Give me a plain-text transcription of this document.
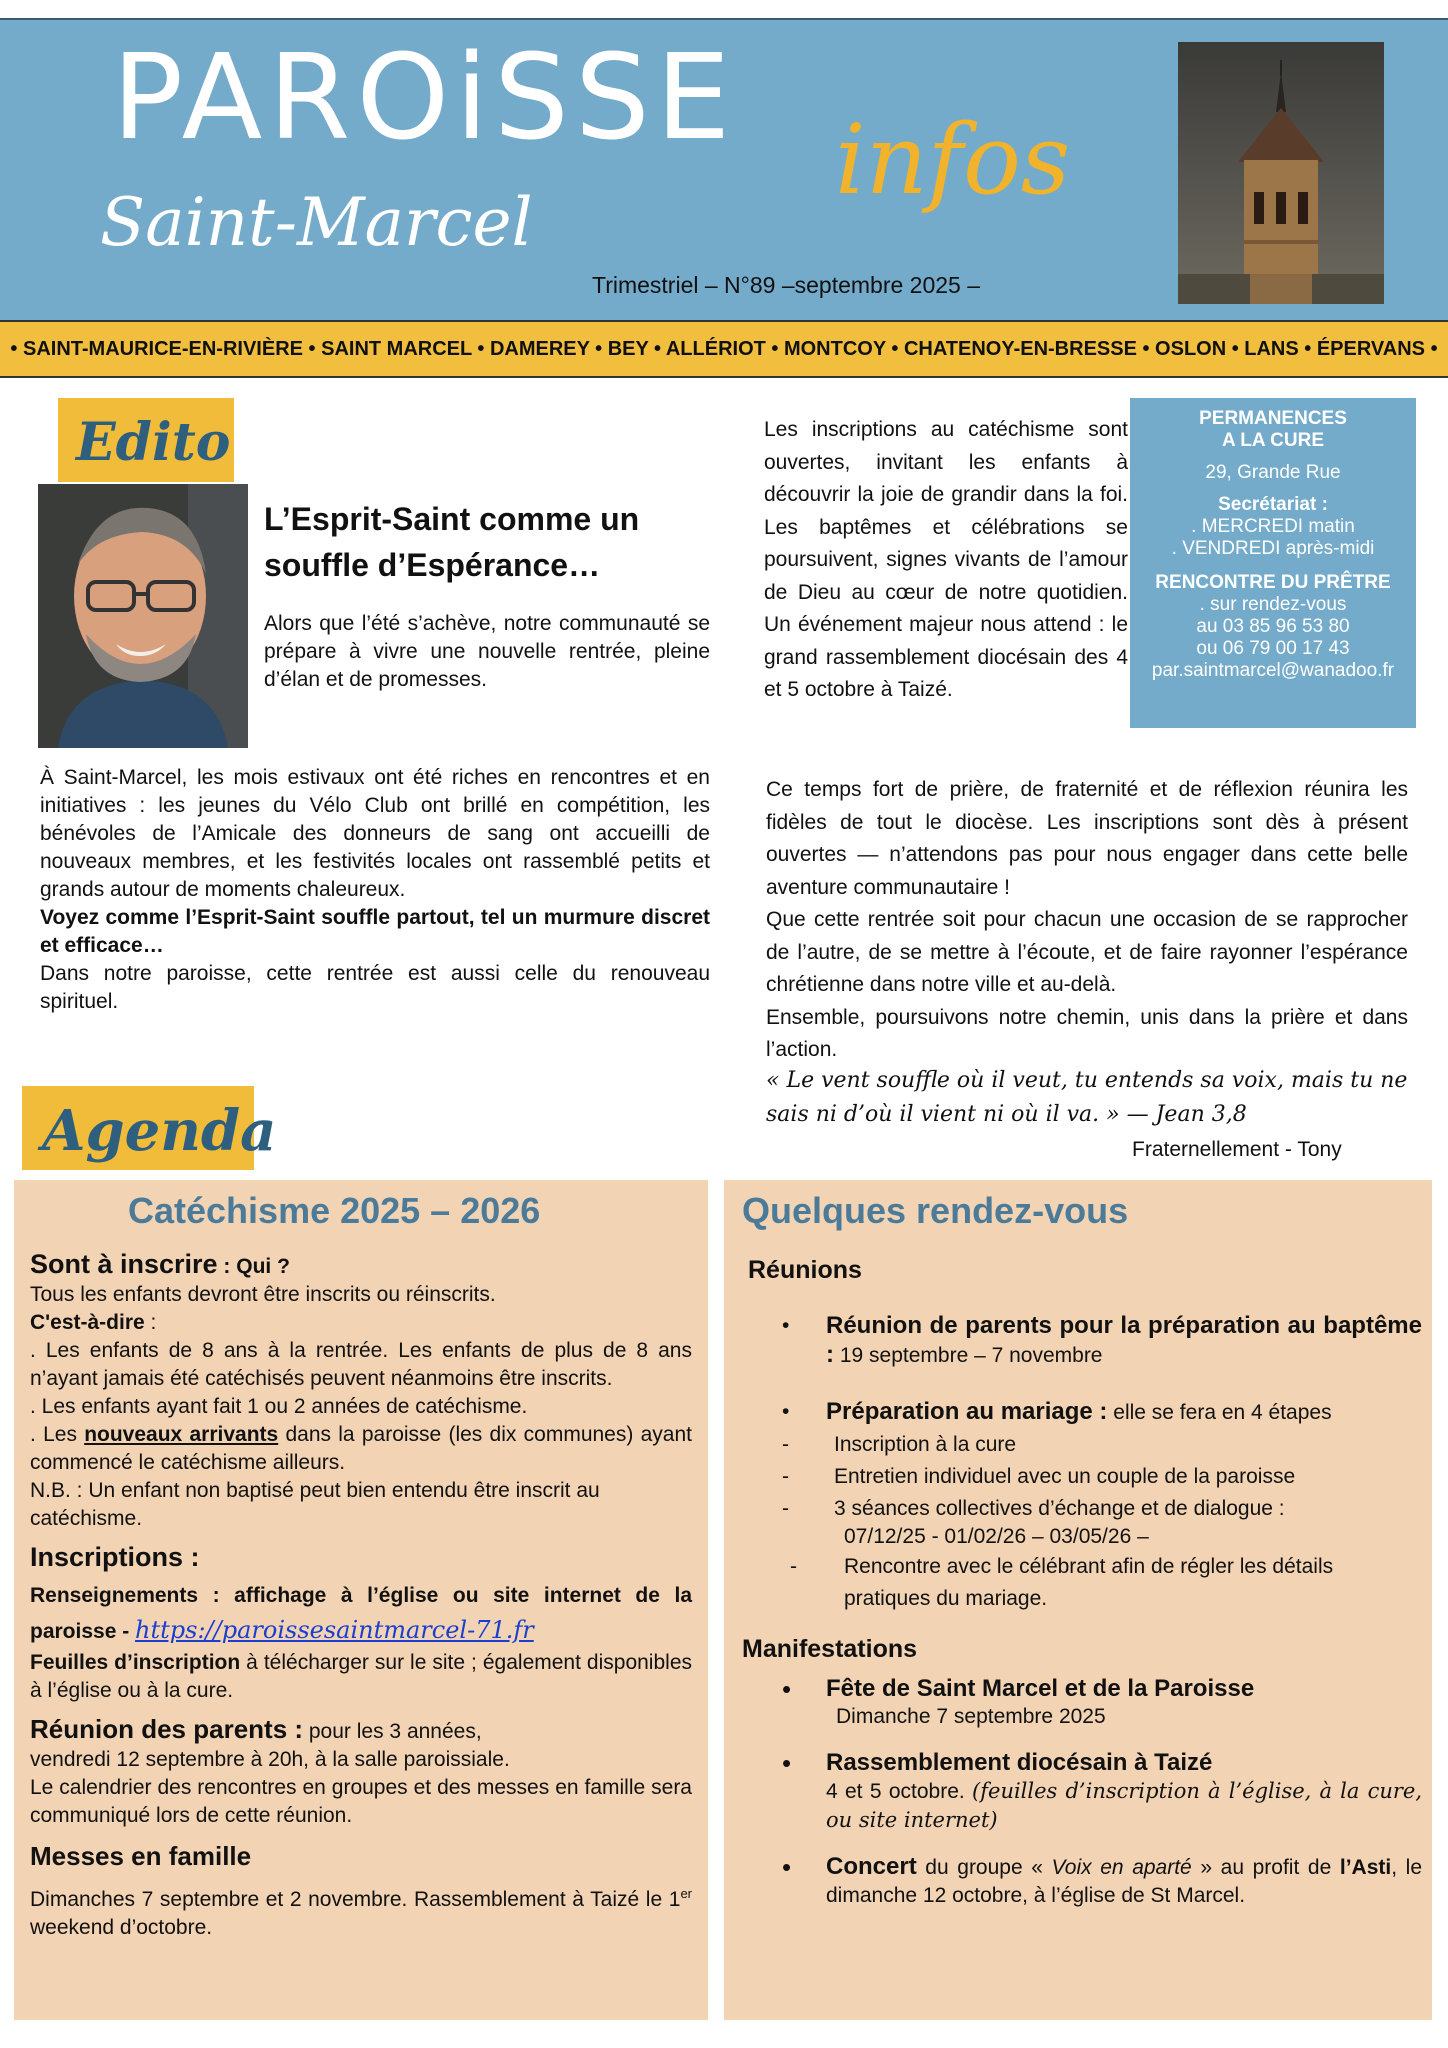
PAROiSSE
Saint-Marcel
infos
Trimestriel – N°89 –septembre 2025 –
• SAINT-MAURICE-EN-RIVIÈRE • SAINT MARCEL • DAMEREY • BEY • ALLÉRIOT • MONTCOY • CHATENOY-EN-BRESSE • OSLON • LANS • ÉPERVANS •
Edito
L’Esprit-Saint comme un souffle d’Espérance…
Alors que l’été s’achève, notre communauté se prépare à vivre une nouvelle rentrée, pleine d’élan et de promesses.

À Saint-Marcel, les mois estivaux ont été riches en rencontres et en initiatives : les jeunes du Vélo Club ont brillé en compétition, les bénévoles de l’Amicale des donneurs de sang ont accueilli de nouveaux membres, et les festivités locales ont rassemblé petits et grands autour de moments chaleureux.

Voyez comme l’Esprit-Saint souffle partout, tel un murmure discret et efficace…

Dans notre paroisse, cette rentrée est aussi celle du renouveau spirituel.

Les inscriptions au catéchisme sont ouvertes, invitant les enfants à découvrir la joie de grandir dans la foi. Les baptêmes et célébrations se poursuivent, signes vivants de l’amour de Dieu au cœur de notre quotidien. Un événement majeur nous attend : le grand rassemblement diocésain des 4 et 5 octobre à Taizé.

Ce temps fort de prière, de fraternité et de réflexion réunira les fidèles de tout le diocèse. Les inscriptions sont dès à présent ouvertes — n’attendons pas pour nous engager dans cette belle aventure communautaire !

Que cette rentrée soit pour chacun une occasion de se rapprocher de l’autre, de se mettre à l’écoute, et de faire rayonner l’espérance chrétienne dans notre ville et au-delà.

Ensemble, poursuivons notre chemin, unis dans la prière et dans l’action.

« Le vent souffle où il veut, tu entends sa voix, mais tu ne sais ni d’où il vient ni où il va. » — Jean 3,8
Fraternellement - Tony
PERMANENCES
A LA CURE
29, Grande Rue
Secrétariat :
. MERCREDI matin
. VENDREDI après-midi
RENCONTRE DU PRÊTRE
. sur rendez-vous
au 03 85 96 53 80
ou 06 79 00 17 43
par.saintmarcel@wanadoo.fr
Agenda
Catéchisme 2025 – 2026
Sont à inscrire : Qui ?
Tous les enfants devront être inscrits ou réinscrits.
C'est-à-dire :
. Les enfants de 8 ans à la rentrée. Les enfants de plus de 8 ans n’ayant jamais été catéchisés peuvent néanmoins être inscrits.
. Les enfants ayant fait 1 ou 2 années de catéchisme.
. Les nouveaux arrivants dans la paroisse (les dix communes) ayant commencé le catéchisme ailleurs.
N.B. : Un enfant non baptisé peut bien entendu être inscrit au catéchisme.
Inscriptions :
Renseignements : affichage à l’église ou site internet de la paroisse - https://paroissesaintmarcel-71.fr
Feuilles d’inscription à télécharger sur le site ; également disponibles à l’église ou à la cure.
Réunion des parents : pour les 3 années,
vendredi 12 septembre à 20h, à la salle paroissiale.
Le calendrier des rencontres en groupes et des messes en famille sera communiqué lors de cette réunion.
Messes en famille
Dimanches 7 septembre et 2 novembre. Rassemblement à Taizé le 1er weekend d’octobre.
Quelques rendez-vous
Réunions
• Réunion de parents pour la préparation au baptême : 19 septembre – 7 novembre
• Préparation au mariage : elle se fera en 4 étapes
- Inscription à la cure
- Entretien individuel avec un couple de la paroisse
- 3 séances collectives d’échange et de dialogue :
07/12/25 - 01/02/26 – 03/05/26 –
- Rencontre avec le célébrant afin de régler les détails pratiques du mariage.
Manifestations
• Fête de Saint Marcel et de la Paroisse
Dimanche 7 septembre 2025
• Rassemblement diocésain à Taizé
4 et 5 octobre. (feuilles d’inscription à l’église, à la cure, ou site internet)
• Concert du groupe « Voix en aparté » au profit de l’Asti, le dimanche 12 octobre, à l’église de St Marcel.
